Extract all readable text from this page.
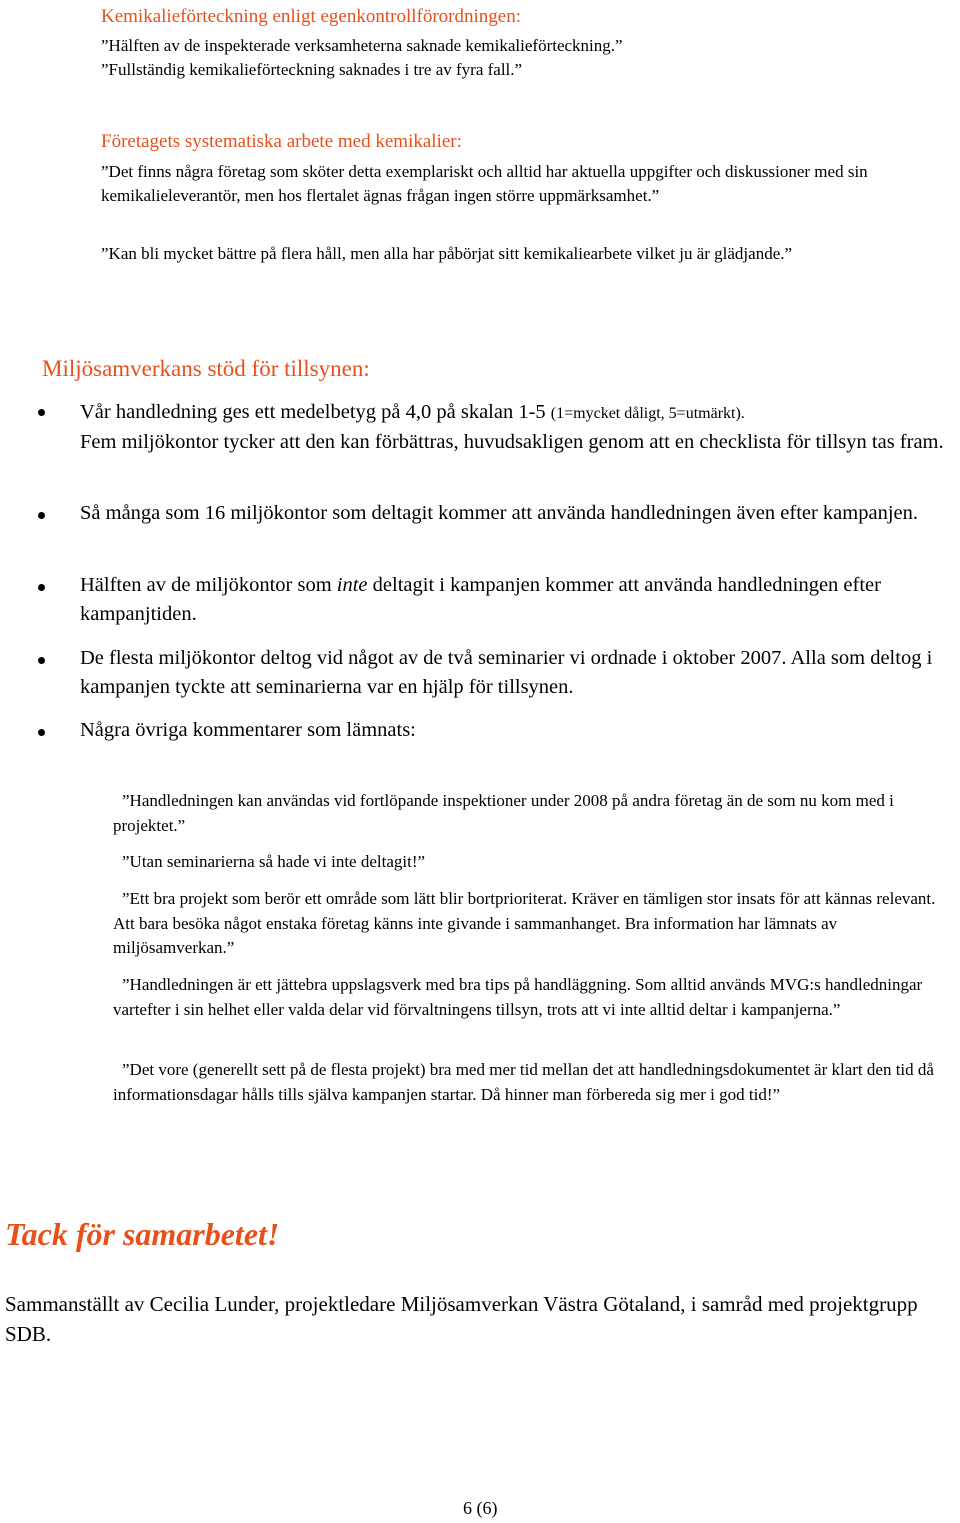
Kemikalieförteckning enligt egenkontrollförordningen:
”Hälften av de inspekterade verksamheterna saknade kemikalieförteckning.”
”Fullständig kemikalieförteckning saknades i tre av fyra fall.”
Företagets systematiska arbete med kemikalier:
”Det finns några företag som sköter detta exemplariskt och alltid har aktuella uppgifter och diskussioner med sin kemikalieleverantör, men hos flertalet ägnas frågan ingen större uppmärksamhet.”
”Kan bli mycket bättre på flera håll, men alla har påbörjat sitt kemikaliearbete vilket ju är glädjande.”
Miljösamverkans stöd för tillsynen:
Vår handledning ges ett medelbetyg på 4,0 på skalan 1-5 (1=mycket dåligt, 5=utmärkt).
Fem miljökontor tycker att den kan förbättras, huvudsakligen genom att en checklista för tillsyn tas fram.
Så många som 16 miljökontor som deltagit kommer att använda handledningen även efter kampanjen.
Hälften av de miljökontor som inte deltagit i kampanjen kommer att använda handledningen efter kampanjtiden.
De flesta miljökontor deltog vid något av de två seminarier vi ordnade i oktober 2007. Alla som deltog i kampanjen tyckte att seminarierna var en hjälp för tillsynen.
Några övriga kommentarer som lämnats:
”Handledningen kan användas vid fortlöpande inspektioner under 2008 på andra företag än de som nu kom med i projektet.”
”Utan seminarierna så hade vi inte deltagit!”
”Ett bra projekt som berör ett område som lätt blir bortprioriterat. Kräver en tämligen stor insats för att kännas relevant. Att bara besöka något enstaka företag känns inte givande i sammanhanget. Bra information har lämnats av miljösamverkan.”
”Handledningen är ett jättebra uppslagsverk med bra tips på handläggning. Som alltid används MVG:s handledningar vartefter i sin helhet eller valda delar vid förvaltningens tillsyn, trots att vi inte alltid deltar i kampanjerna.”
”Det vore (generellt sett på de flesta projekt) bra med mer tid mellan det att handledningsdokumentet är klart den tid då informationsdagar hålls tills själva kampanjen startar. Då hinner man förbereda sig mer i god tid!”
Tack för samarbetet!
Sammanställt av Cecilia Lunder, projektledare Miljösamverkan Västra Götaland, i samråd med projektgrupp SDB.
6 (6)
